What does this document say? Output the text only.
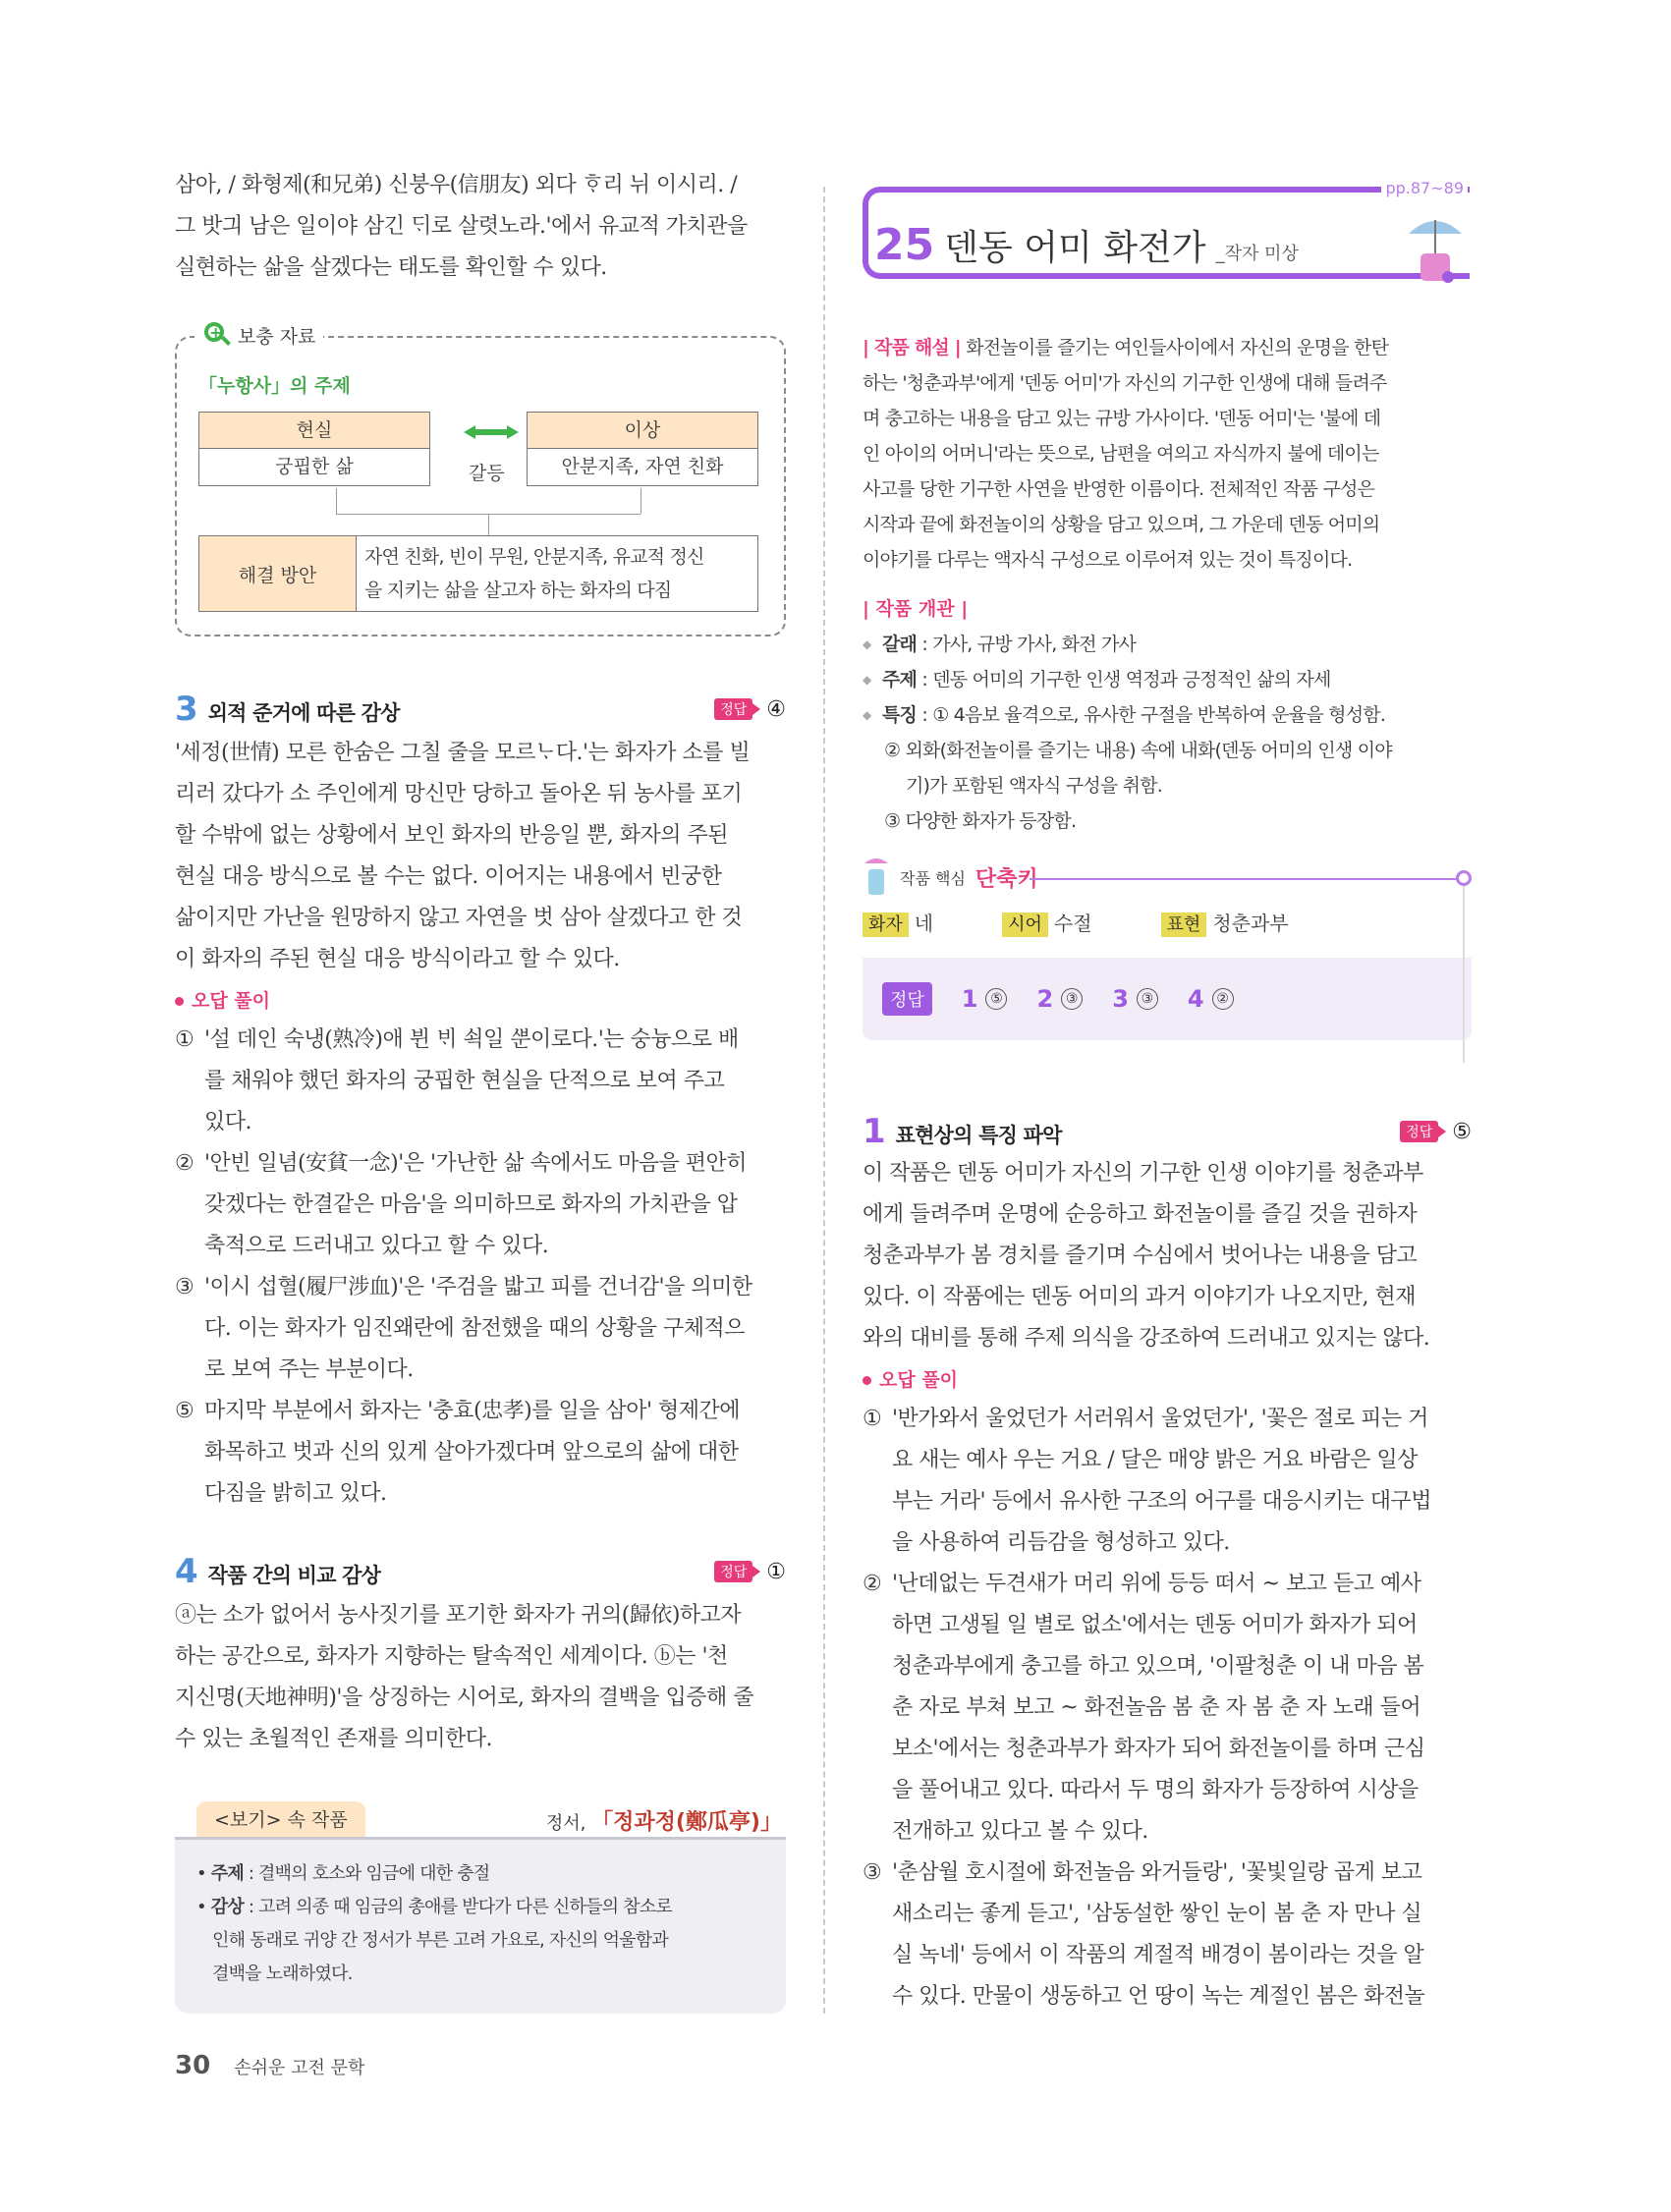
삼아, / 화형제(和兄弟) 신붕우(信朋友) 외다 ᄒᆞ리 뉘 이시리. /
그 밧긔 남은 일이야 삼긴 ᄃᆡ로 살렷노라.'에서 유교적 가치관을
실현하는 삶을 살겠다는 태도를 확인할 수 있다.
+ 보충 자료
「누항사」의 주제
현실
궁핍한 삶	갈등
이상
안분지족, 자연 친화
해결 방안
자연 친화, 빈이 무원, 안분지족, 유교적 정신
을 지키는 삶을 살고자 하는 화자의 다짐
3 외적 준거에 따른 감상	정답 ④
'세정(世情) 모른 한숨은 그칠 줄을 모르ᄂᆞ다.'는 화자가 소를 빌
리러 갔다가 소 주인에게 망신만 당하고 돌아온 뒤 농사를 포기
할 수밖에 없는 상황에서 보인 화자의 반응일 뿐, 화자의 주된
현실 대응 방식으로 볼 수는 없다. 이어지는 내용에서 빈궁한
삶이지만 가난을 원망하지 않고 자연을 벗 삼아 살겠다고 한 것
이 화자의 주된 현실 대응 방식이라고 할 수 있다.
오답 풀이
① '설 데인 숙냉(熟冷)애 뷘 ᄇᆡ 쇡일 ᄲᅮᆫ이로다.'는 숭늉으로 배
를 채워야 했던 화자의 궁핍한 현실을 단적으로 보여 주고
있다.
② '안빈 일념(安貧一念)'은 '가난한 삶 속에서도 마음을 편안히
갖겠다는 한결같은 마음'을 의미하므로 화자의 가치관을 압
축적으로 드러내고 있다고 할 수 있다.
③ '이시 섭혈(履尸涉血)'은 '주검을 밟고 피를 건너감'을 의미한
다. 이는 화자가 임진왜란에 참전했을 때의 상황을 구체적으
로 보여 주는 부분이다.
⑤ 마지막 부분에서 화자는 '충효(忠孝)를 일을 삼아' 형제간에
화목하고 벗과 신의 있게 살아가겠다며 앞으로의 삶에 대한
다짐을 밝히고 있다.
4 작품 간의 비교 감상	정답 ①
ⓐ는 소가 없어서 농사짓기를 포기한 화자가 귀의(歸依)하고자
하는 공간으로, 화자가 지향하는 탈속적인 세계이다. ⓑ는 '천
지신명(天地神明)'을 상징하는 시어로, 화자의 결백을 입증해 줄
수 있는 초월적인 존재를 의미한다.
<보기> 속 작품	정서, 「정과정(鄭瓜亭)」
• 주제 : 결백의 호소와 임금에 대한 충절
• 감상 : 고려 의종 때 임금의 총애를 받다가 다른 신하들의 참소로
인해 동래로 귀양 간 정서가 부른 고려 가요로, 자신의 억울함과
결백을 노래하였다.
pp.87~89
25 덴동 어미 화전가 _작자 미상
| 작품 해설 | 화전놀이를 즐기는 여인들사이에서 자신의 운명을 한탄
하는 '청춘과부'에게 '덴동 어미'가 자신의 기구한 인생에 대해 들려주
며 충고하는 내용을 담고 있는 규방 가사이다. '덴동 어미'는 '불에 데
인 아이의 어머니'라는 뜻으로, 남편을 여의고 자식까지 불에 데이는
사고를 당한 기구한 사연을 반영한 이름이다. 전체적인 작품 구성은
시작과 끝에 화전놀이의 상황을 담고 있으며, 그 가운데 덴동 어미의
이야기를 다루는 액자식 구성으로 이루어져 있는 것이 특징이다.
| 작품 개관 |
◆ 갈래 : 가사, 규방 가사, 화전 가사
◆ 주제 : 덴동 어미의 기구한 인생 역정과 긍정적인 삶의 자세
◆ 특징 : ① 4음보 율격으로, 유사한 구절을 반복하여 운율을 형성함.
② 외화(화전놀이를 즐기는 내용) 속에 내화(덴동 어미의 인생 이야
기)가 포함된 액자식 구성을 취함.
③ 다양한 화자가 등장함.
작품 핵심 단축키
화자 네	시어 수절	표현 청춘과부
정답	1 ⑤ 2 ③ 3 ③ 4 ②
1 표현상의 특징 파악	정답 ⑤
이 작품은 덴동 어미가 자신의 기구한 인생 이야기를 청춘과부
에게 들려주며 운명에 순응하고 화전놀이를 즐길 것을 권하자
청춘과부가 봄 경치를 즐기며 수심에서 벗어나는 내용을 담고
있다. 이 작품에는 덴동 어미의 과거 이야기가 나오지만, 현재
와의 대비를 통해 주제 의식을 강조하여 드러내고 있지는 않다.
오답 풀이
① '반가와서 울었던가 서러워서 울었던가', '꽃은 절로 피는 거
요 새는 예사 우는 거요 / 달은 매양 밝은 거요 바람은 일상
부는 거라' 등에서 유사한 구조의 어구를 대응시키는 대구법
을 사용하여 리듬감을 형성하고 있다.
② '난데없는 두견새가 머리 위에 등등 떠서 ~ 보고 듣고 예사
하면 고생될 일 별로 없소'에서는 덴동 어미가 화자가 되어
청춘과부에게 충고를 하고 있으며, '이팔청춘 이 내 마음 봄
춘 자로 부쳐 보고 ~ 화전놀음 봄 춘 자 봄 춘 자 노래 들어
보소'에서는 청춘과부가 화자가 되어 화전놀이를 하며 근심
을 풀어내고 있다. 따라서 두 명의 화자가 등장하여 시상을
전개하고 있다고 볼 수 있다.
③ '춘삼월 호시절에 화전놀음 와거들랑', '꽃빛일랑 곱게 보고
새소리는 좋게 듣고', '삼동설한 쌓인 눈이 봄 춘 자 만나 실
실 녹네' 등에서 이 작품의 계절적 배경이 봄이라는 것을 알
수 있다. 만물이 생동하고 언 땅이 녹는 계절인 봄은 화전놀
30 손쉬운 고전 문학
